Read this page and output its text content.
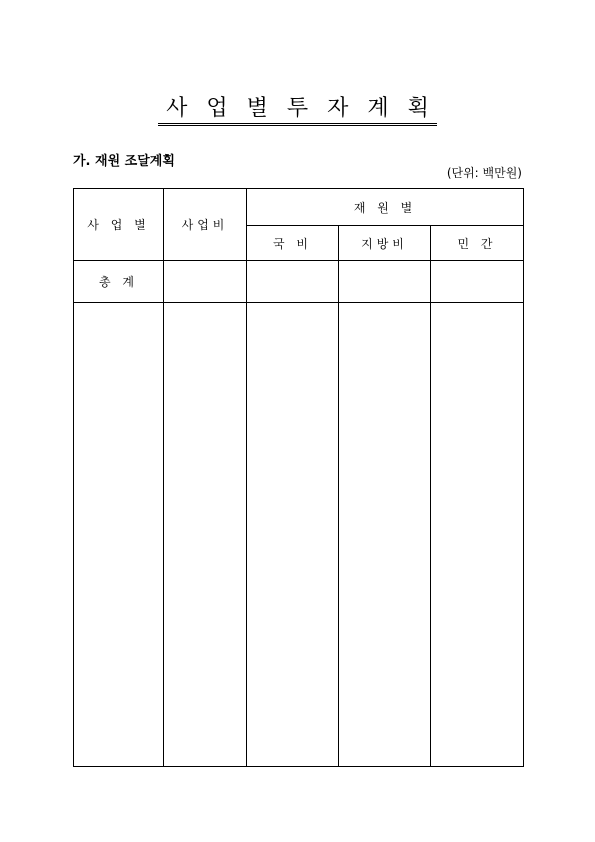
사 업 별 투 자 계 획
가. 재원 조달계획
(단위: 백만원)
사 업 별	사업비	재 원 별		
		국 비	지방비	민 간
총 계				
